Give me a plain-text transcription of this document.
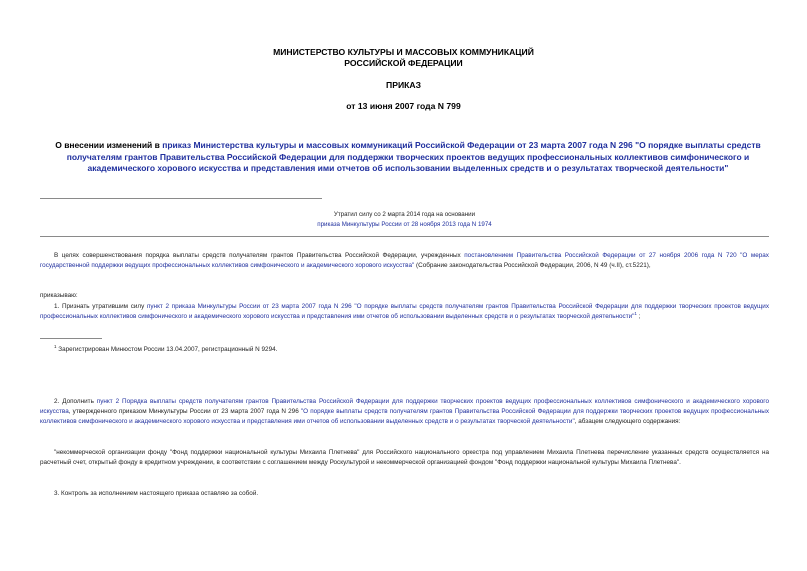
МИНИСТЕРСТВО КУЛЬТУРЫ И МАССОВЫХ КОММУНИКАЦИЙ
РОССИЙСКОЙ ФЕДЕРАЦИИ
ПРИКАЗ
от 13 июня 2007 года N 799
О внесении изменений в приказ Министерства культуры и массовых коммуникаций Российской Федерации от 23 марта 2007 года N 296 "О порядке выплаты средств получателям грантов Правительства Российской Федерации для поддержки творческих проектов ведущих профессиональных коллективов симфонического и академического хорового искусства и представления ими отчетов об использовании выделенных средств и о результатах творческой деятельности"
Утратил силу со 2 марта 2014 года на основании
приказа Минкультуры России от 28 ноября 2013 года N 1974
В целях совершенствования порядка выплаты средств получателям грантов Правительства Российской Федерации, учрежденных постановлением Правительства Российской Федерации от 27 ноября 2006 года N 720 "О мерах государственной поддержки ведущих профессиональных коллективов симфонического и академического хорового искусства" (Собрание законодательства Российской Федерации, 2006, N 49 (ч.II), ст.5221),
приказываю:
1. Признать утратившим силу пункт 2 приказа Минкультуры России от 23 марта 2007 года N 296 "О порядке выплаты средств получателям грантов Правительства Российской Федерации для поддержки творческих проектов ведущих профессиональных коллективов симфонического и академического хорового искусства и представления ими отчетов об использовании выделенных средств и о результатах творческой деятельности"$^1$ ;
$^1$ Зарегистрирован Минюстом России 13.04.2007, регистрационный N 9294.
2. Дополнить пункт 2 Порядка выплаты средств получателям грантов Правительства Российской Федерации для поддержки творческих проектов ведущих профессиональных коллективов симфонического и академического хорового искусства, утвержденного приказом Минкультуры России от 23 марта 2007 года N 296 "О порядке выплаты средств получателям грантов Правительства Российской Федерации для поддержки творческих проектов ведущих профессиональных коллективов симфонического и академического хорового искусства и представления ими отчетов об использовании выделенных средств и о результатах творческой деятельности", абзацем следующего содержания:
"некоммерческой организации фонду "Фонд поддержки национальной культуры Михаила Плетнева" для Российского национального оркестра под управлением Михаила Плетнева перечисление указанных средств осуществляется на расчетный счет, открытый фонду в кредитном учреждении, в соответствии с соглашением между Роскультурой и некоммерческой организацией фондом "Фонд поддержки национальной культуры Михаила Плетнева".
3. Контроль за исполнением настоящего приказа оставляю за собой.
